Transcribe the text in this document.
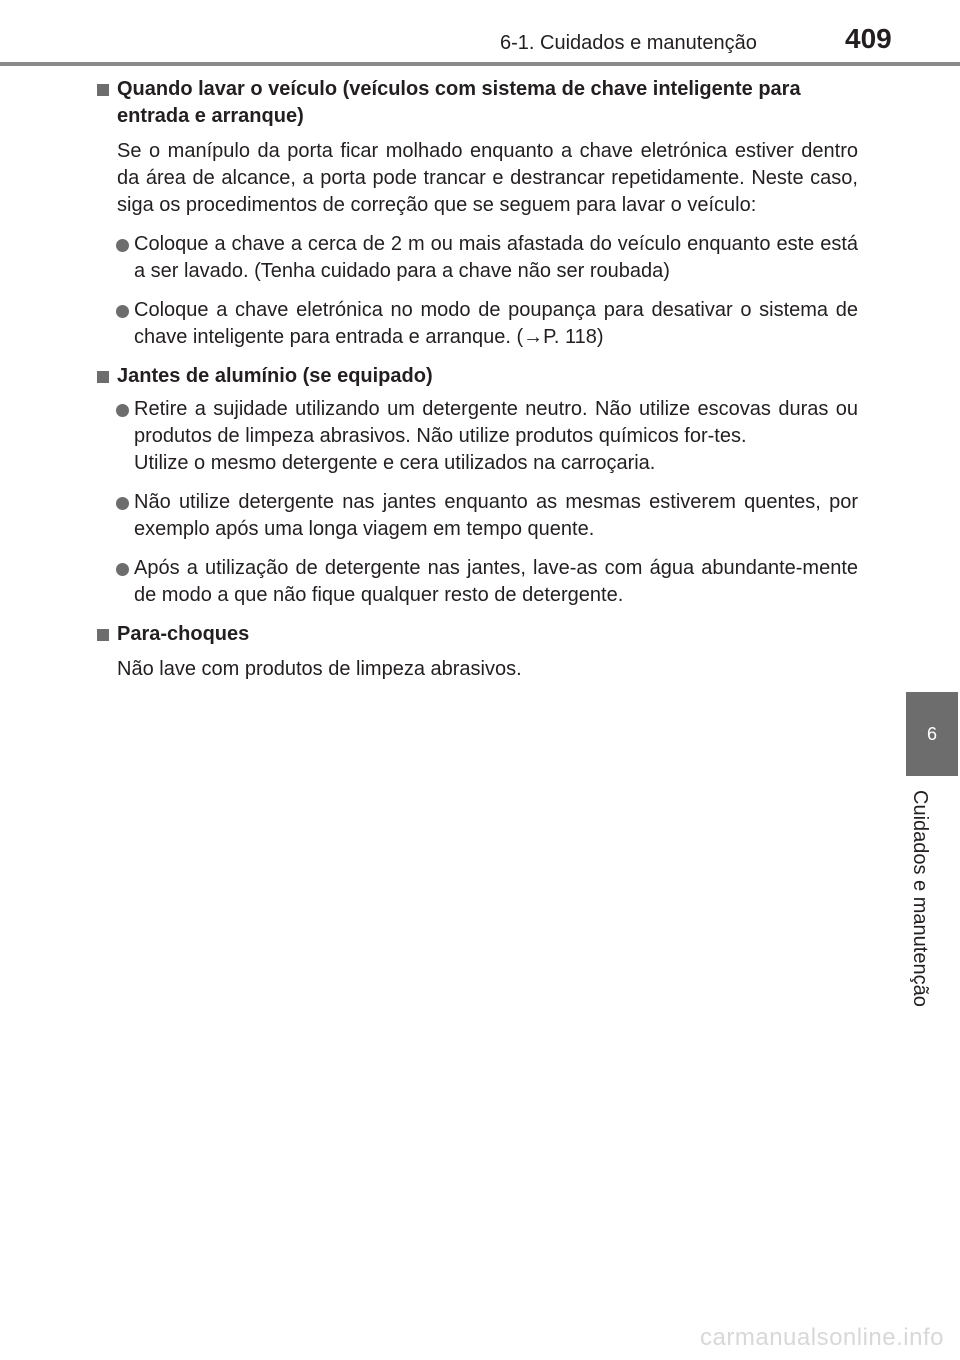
6-1. Cuidados e manutenção	409
6
Cuidados e manutenção

Quando lavar o veículo (veículos com sistema de chave inteligente para entrada e arranque)

Se o manípulo da porta ficar molhado enquanto a chave eletrónica estiver dentro da área de alcance, a porta pode trancar e destrancar repetidamente. Neste caso, siga os procedimentos de correção que se seguem para lavar o veículo:

Coloque a chave a cerca de 2 m ou mais afastada do veículo enquanto este está a ser lavado. (Tenha cuidado para a chave não ser roubada)

Coloque a chave eletrónica no modo de poupança para desativar o sistema de chave inteligente para entrada e arranque. (→P. 118)

Jantes de alumínio (se equipado)

Retire a sujidade utilizando um detergente neutro. Não utilize escovas duras ou produtos de limpeza abrasivos. Não utilize produtos químicos for-tes.
Utilize o mesmo detergente e cera utilizados na carroçaria.

Não utilize detergente nas jantes enquanto as mesmas estiverem quentes, por exemplo após uma longa viagem em tempo quente.

Após a utilização de detergente nas jantes, lave-as com água abundante-mente de modo a que não fique qualquer resto de detergente.

Para-choques

Não lave com produtos de limpeza abrasivos.

carmanualsonline.info
